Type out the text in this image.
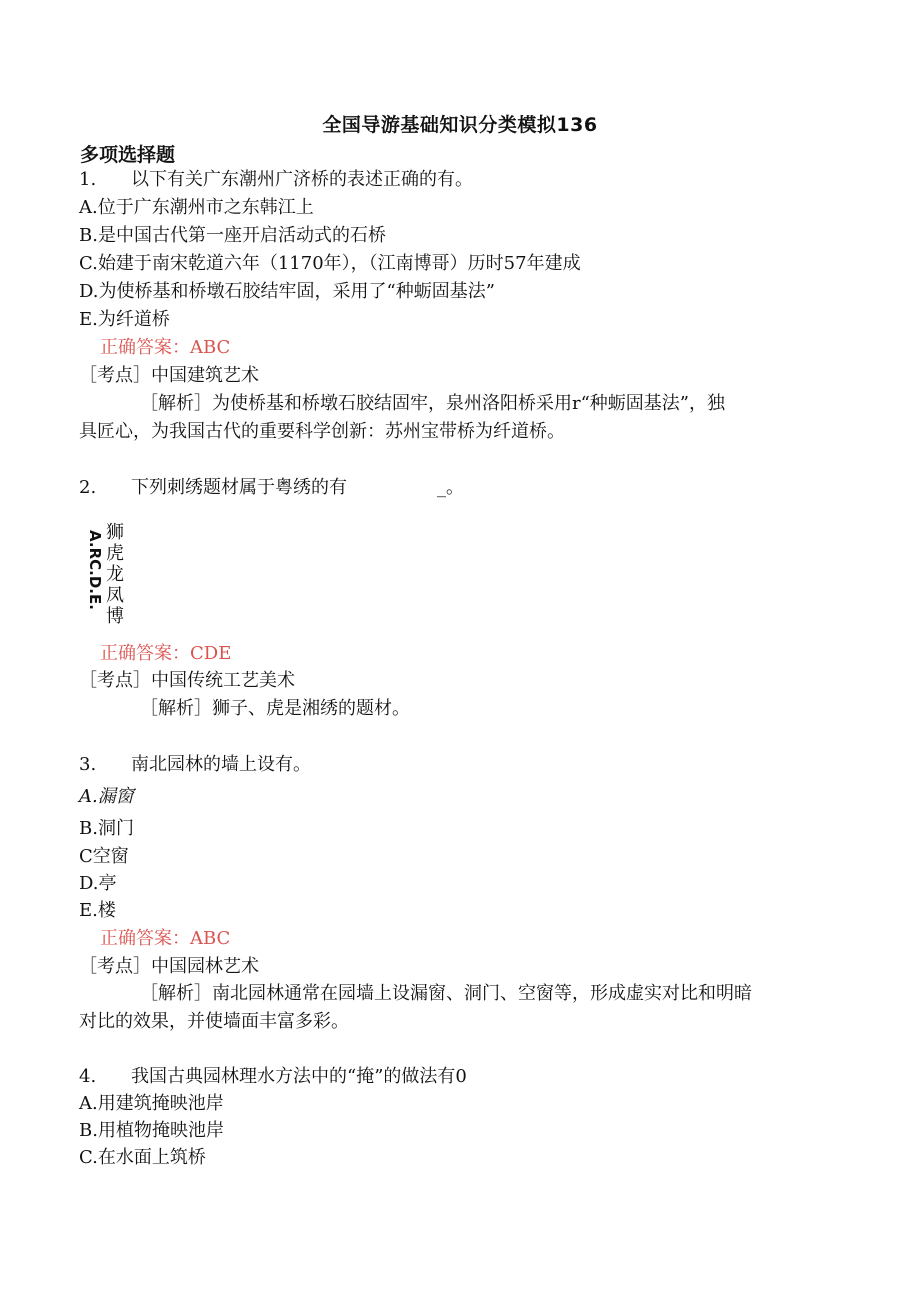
全国导游基础知识分类模拟136
多项选择题
1. 以下有关广东潮州广济桥的表述正确的有。
A.位于广东潮州市之东韩江上
B.是中国古代第一座开启活动式的石桥
C.始建于南宋乾道六年（1170年），（江南博哥）历时57年建成
D.为使桥基和桥墩石胶结牢固，采用了“种蛎固基法”
E.为纤道桥
正确答案：ABC
［考点］中国建筑艺术
［解析］为使桥基和桥墩石胶结固牢，泉州洛阳桥采用r“种蛎固基法”，独
具匠心，为我国古代的重要科学创新：苏州宝带桥为纤道桥。
2. 下列刺绣题材属于粤绣的有　　　　　_。
A.RC.D.E. 狮
虎
龙
凤
博
正确答案：CDE
［考点］中国传统工艺美术
［解析］狮子、虎是湘绣的题材。
3. 南北园林的墙上设有。
A.漏窗
B.洞门
C空窗
D.亭
E.楼
正确答案：ABC
［考点］中国园林艺术
［解析］南北园林通常在园墙上设漏窗、洞门、空窗等，形成虚实对比和明暗
对比的效果，并使墙面丰富多彩。
4. 我国古典园林理水方法中的“掩”的做法有0
A.用建筑掩映池岸
B.用植物掩映池岸
C.在水面上筑桥
